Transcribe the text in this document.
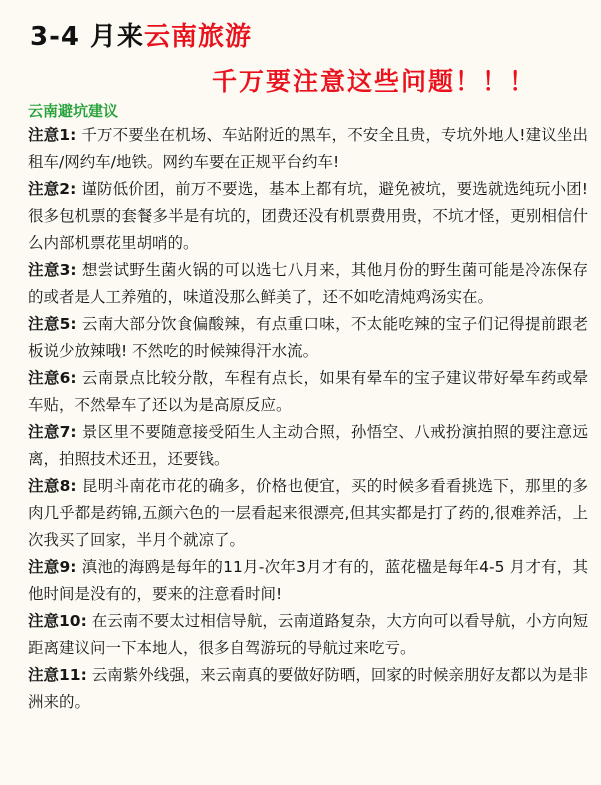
3-4 月来云南旅游
千万要注意这些问题！！！
云南避坑建议

注意1: 千万不要坐在机场、车站附近的黑车，不安全且贵，专坑外地人!建议坐出租车/网约车/地铁。网约车要在正规平台约车!

注意2: 谨防低价团，前万不要选，基本上都有坑，避免被坑，要选就选纯玩小团!很多包机票的套餐多半是有坑的，团费还没有机票费用贵，不坑才怪，更别相信什么内部机票花里胡哨的。

注意3: 想尝试野生菌火锅的可以选七八月来，其他月份的野生菌可能是冷冻保存的或者是人工养殖的，味道没那么鲜美了，还不如吃清炖鸡汤实在。

注意5: 云南大部分饮食偏酸辣，有点重口味，不太能吃辣的宝子们记得提前跟老板说少放辣哦! 不然吃的时候辣得汗水流。

注意6: 云南景点比较分散，车程有点长，如果有晕车的宝子建议带好晕车药或晕车贴，不然晕车了还以为是高原反应。

注意7: 景区里不要随意接受陌生人主动合照，孙悟空、八戒扮演拍照的要注意远离，拍照技术还丑，还要钱。

注意8: 昆明斗南花市花的确多，价格也便宜，买的时候多看看挑选下，那里的多肉几乎都是药锦,五颜六色的一层看起来很漂亮,但其实都是打了药的,很难养活，上次我买了回家，半月个就凉了。

注意9: 滇池的海鸥是每年的11月-次年3月才有的，蓝花楹是每年4-5 月才有，其他时间是没有的，要来的注意看时间!

注意10: 在云南不要太过相信导航，云南道路复杂，大方向可以看导航，小方向短距离建议问一下本地人，很多自驾游玩的导航过来吃亏。

注意11: 云南紫外线强，来云南真的要做好防晒，回家的时候亲朋好友都以为是非洲来的。
